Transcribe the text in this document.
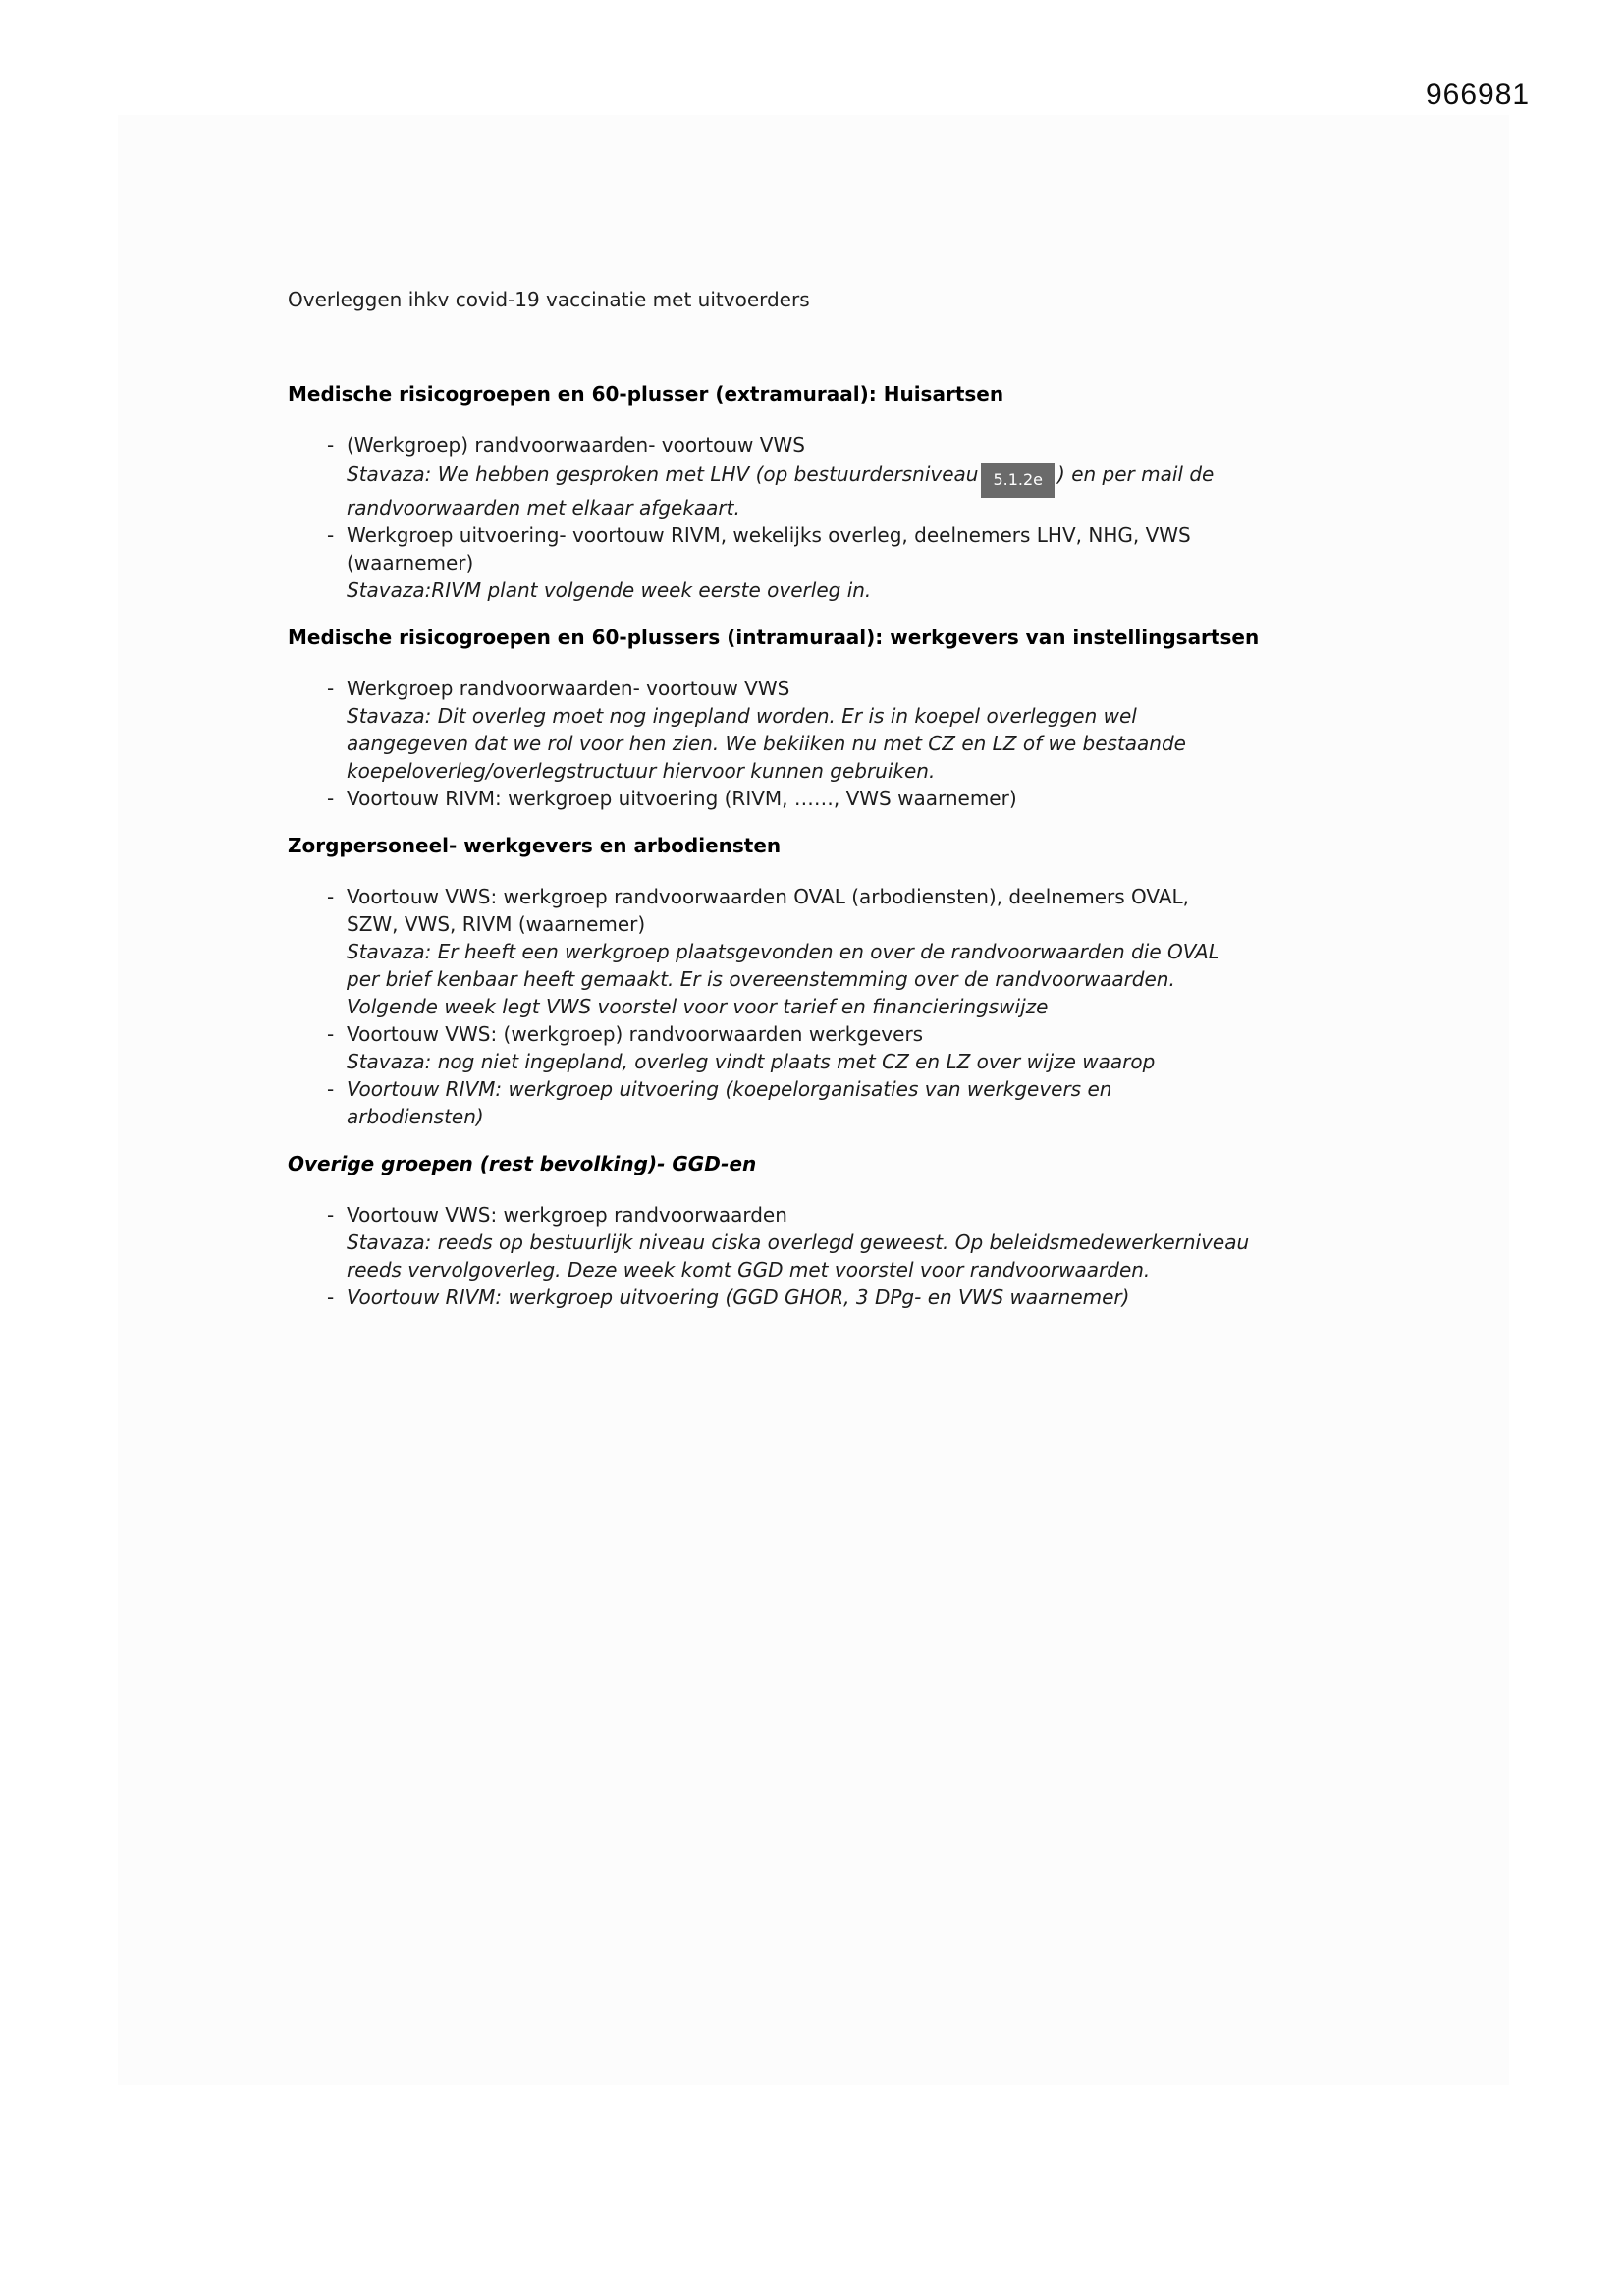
966981
Overleggen ihkv covid-19 vaccinatie met uitvoerders
Medische risicogroepen en 60-plusser (extramuraal): Huisartsen
- (Werkgroep) randvoorwaarden- voortouw VWS
Stavaza: We hebben gesproken met LHV (op bestuurdersniveau 5.1.2e ) en per mail de
randvoorwaarden met elkaar afgekaart.
- Werkgroep uitvoering- voortouw RIVM, wekelijks overleg, deelnemers LHV, NHG, VWS
(waarnemer)
Stavaza:RIVM plant volgende week eerste overleg in.
Medische risicogroepen en 60-plussers (intramuraal): werkgevers van instellingsartsen
- Werkgroep randvoorwaarden- voortouw VWS
Stavaza: Dit overleg moet nog ingepland worden. Er is in koepel overleggen wel
aangegeven dat we rol voor hen zien. We bekiiken nu met CZ en LZ of we bestaande
koepeloverleg/overlegstructuur hiervoor kunnen gebruiken.
- Voortouw RIVM: werkgroep uitvoering (RIVM, ……, VWS waarnemer)
Zorgpersoneel- werkgevers en arbodiensten
- Voortouw VWS: werkgroep randvoorwaarden OVAL (arbodiensten), deelnemers OVAL,
SZW, VWS, RIVM (waarnemer)
Stavaza: Er heeft een werkgroep plaatsgevonden en over de randvoorwaarden die OVAL
per brief kenbaar heeft gemaakt. Er is overeenstemming over de randvoorwaarden.
Volgende week legt VWS voorstel voor voor tarief en financieringswijze
- Voortouw VWS: (werkgroep) randvoorwaarden werkgevers
Stavaza: nog niet ingepland, overleg vindt plaats met CZ en LZ over wijze waarop
- Voortouw RIVM: werkgroep uitvoering (koepelorganisaties van werkgevers en
arbodiensten)
Overige groepen (rest bevolking)- GGD-en
- Voortouw VWS: werkgroep randvoorwaarden
Stavaza: reeds op bestuurlijk niveau ciska overlegd geweest. Op beleidsmedewerkerniveau
reeds vervolgoverleg. Deze week komt GGD met voorstel voor randvoorwaarden.
- Voortouw RIVM: werkgroep uitvoering (GGD GHOR, 3 DPg- en VWS waarnemer)
